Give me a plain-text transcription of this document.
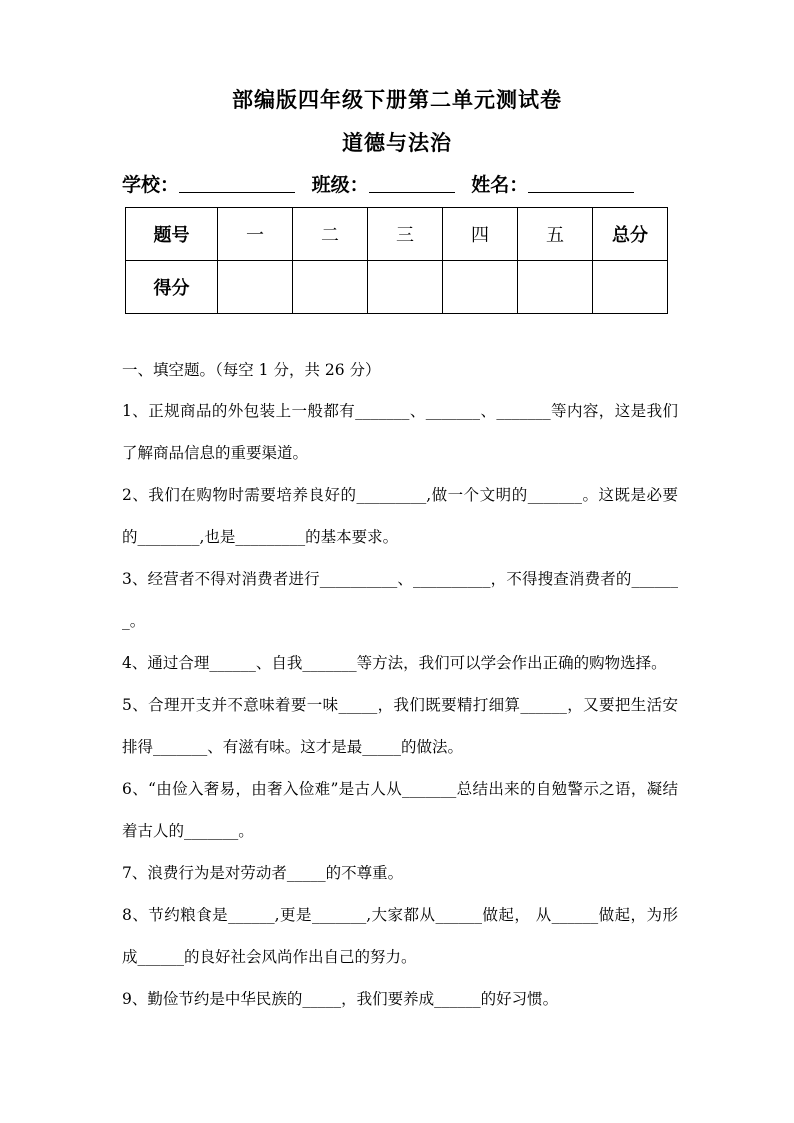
部编版四年级下册第二单元测试卷
道德与法治
学校：	班级：	姓名：
题号	一	二	三	四	五	总分
得分						
一、填空题。（每空 1 分，共 26 分）

1、正规商品的外包装上一般都有_______、_______、_______等内容，这是我们了解商品信息的重要渠道。

2、我们在购物时需要培养良好的_________,做一个文明的_______。这既是必要的________,也是_________的基本要求。

3、经营者不得对消费者进行__________、__________，不得搜查消费者的_______。

4、通过合理______、自我_______等方法，我们可以学会作出正确的购物选择。

5、合理开支并不意味着要一味_____，我们既要精打细算______，又要把生活安排得_______、有滋有味。这才是最_____的做法。

6、“由俭入奢易，由奢入俭难”是古人从_______总结出来的自勉警示之语，凝结着古人的_______。

7、浪费行为是对劳动者_____的不尊重。

8、节约粮食是______,更是_______,大家都从______做起， 从______做起，为形成______的良好社会风尚作出自己的努力。

9、勤俭节约是中华民族的_____，我们要养成______的好习惯。
